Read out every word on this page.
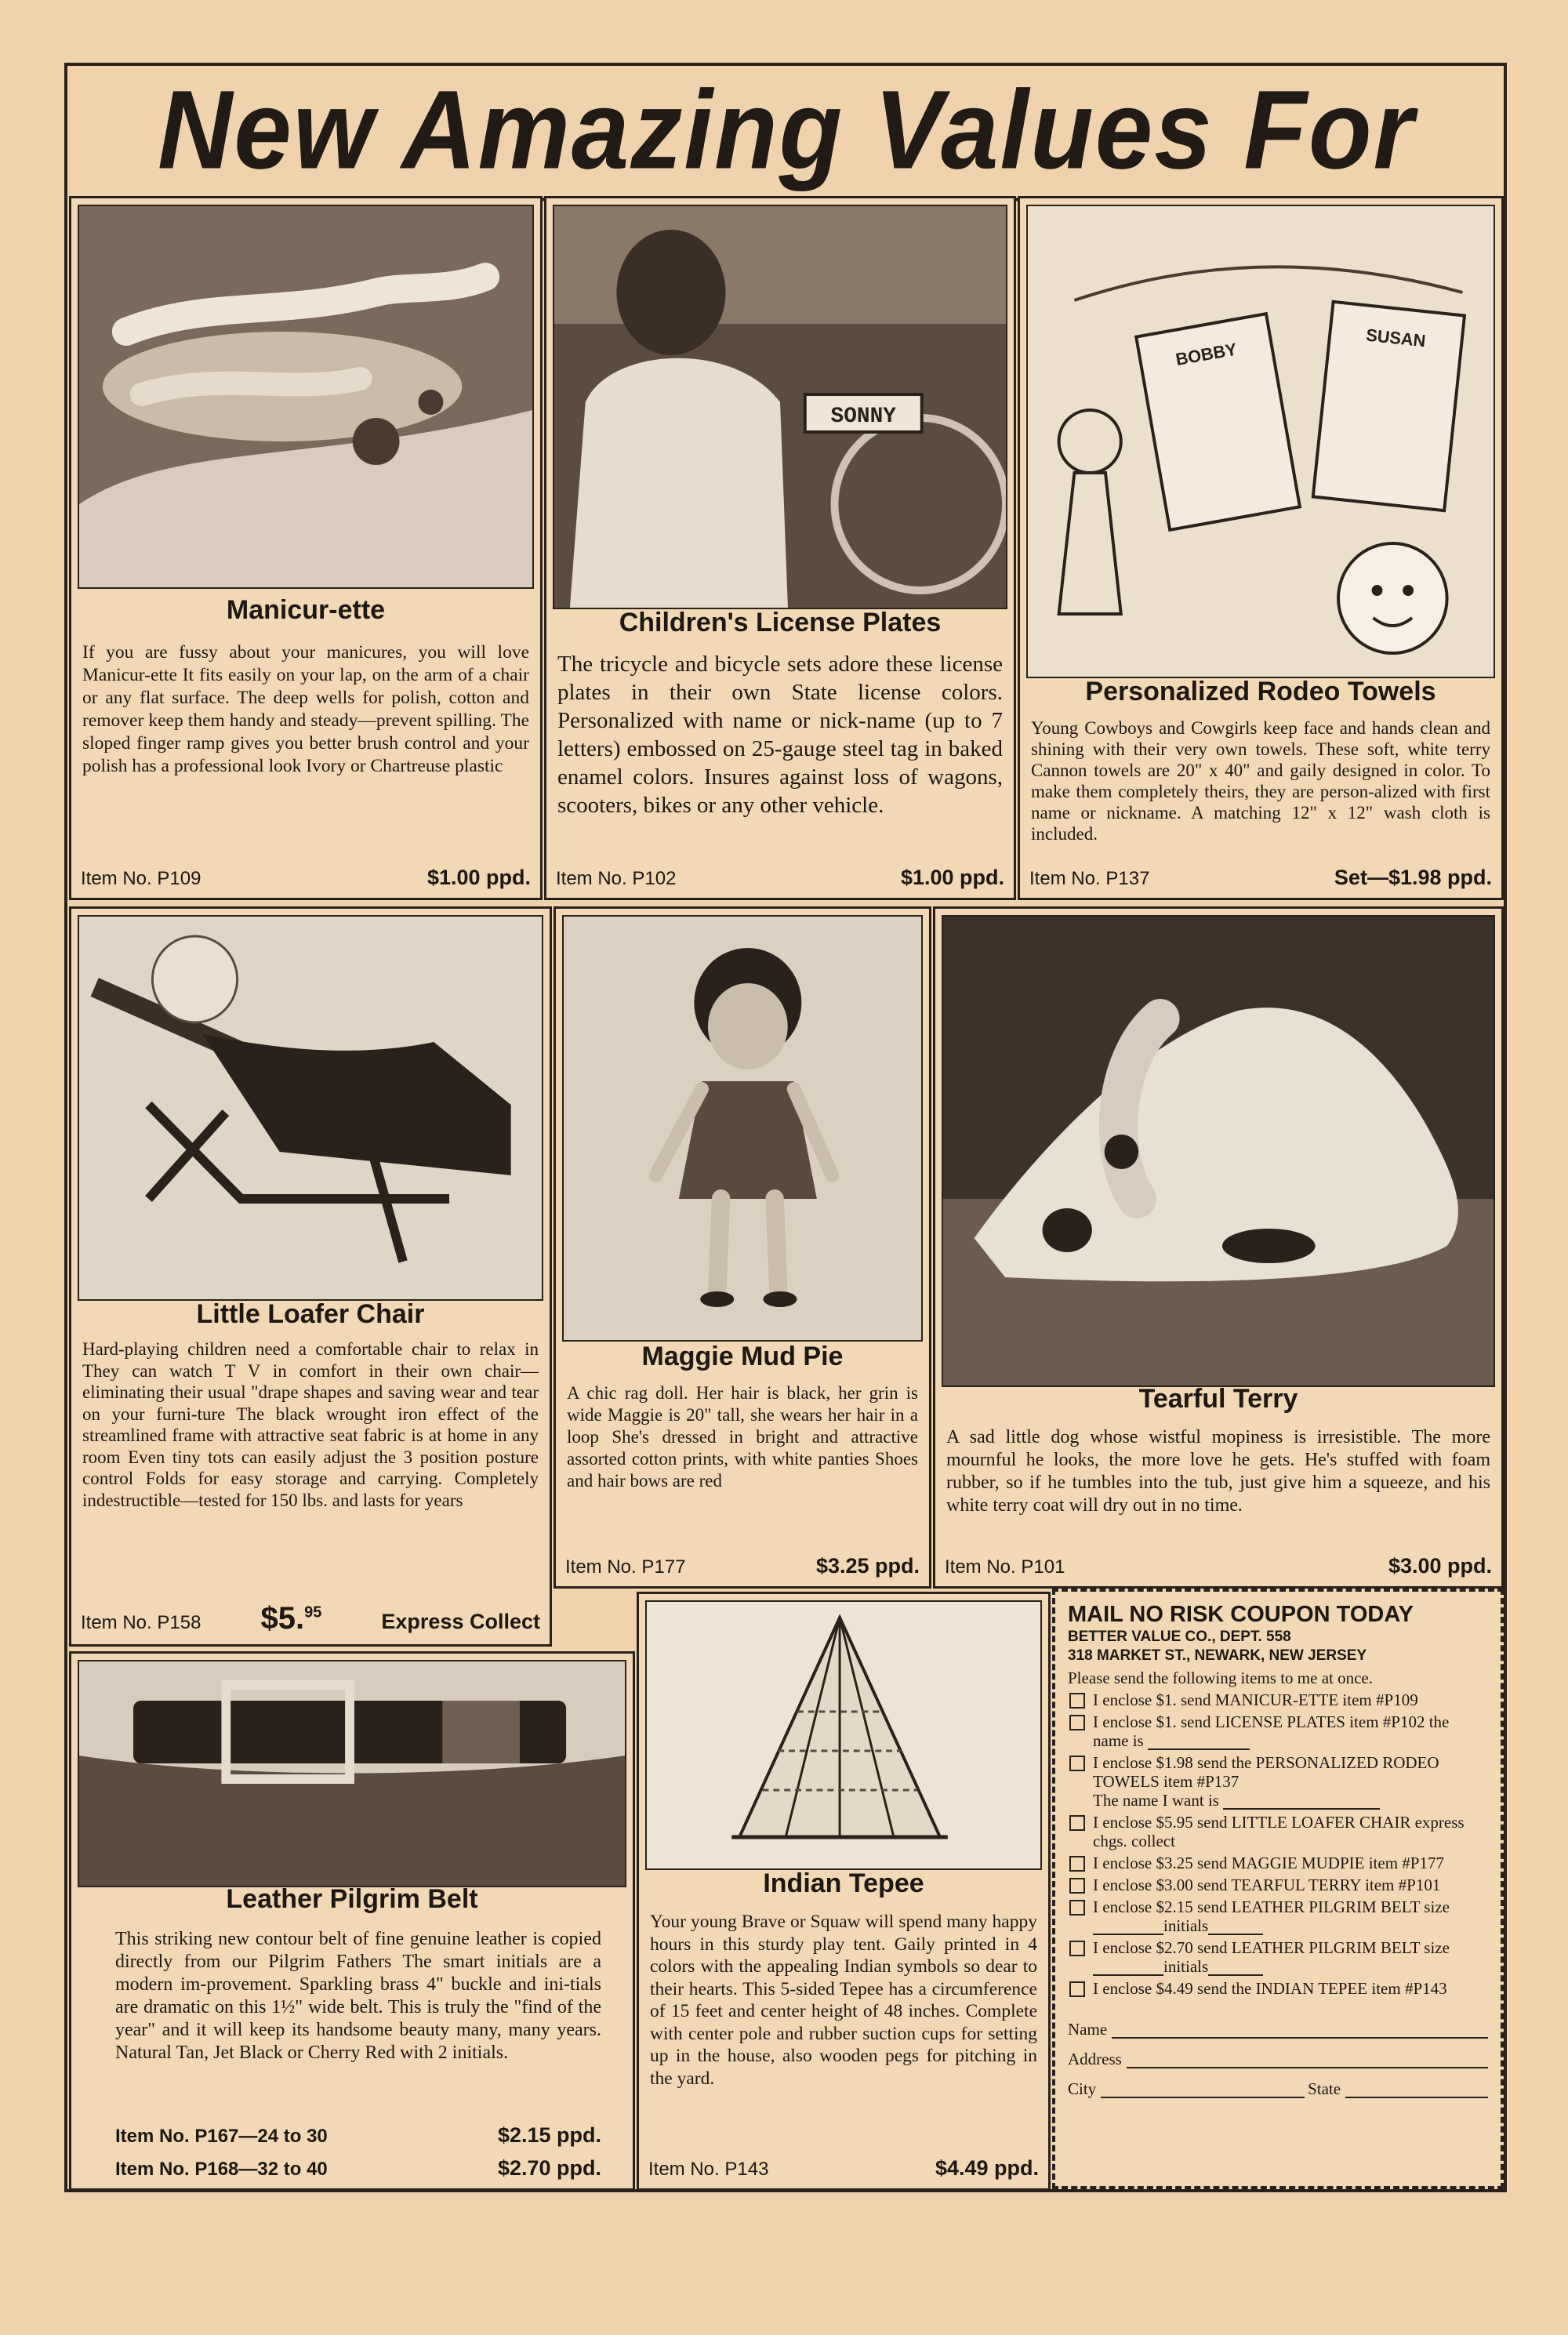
New Amazing Values For
Manicur-ette
If you are fussy about your manicures, you will love Manicur-ette It fits easily on your lap, on the arm of a chair or any flat surface. The deep wells for polish, cotton and remover keep them handy and steady—prevent spilling. The sloped finger ramp gives you better brush control and your polish has a professional look Ivory or Chartreuse plastic
Item No. P109	$1.00 ppd.
SONNY
Children's License Plates
The tricycle and bicycle sets adore these license plates in their own State license colors. Personalized with name or nick-name (up to 7 letters) embossed on 25-gauge steel tag in baked enamel colors. Insures against loss of wagons, scooters, bikes or any other vehicle.
Item No. P102	$1.00 ppd.
BOBBY
SUSAN
Personalized Rodeo Towels
Young Cowboys and Cowgirls keep face and hands clean and shining with their very own towels. These soft, white terry Cannon towels are 20" x 40" and gaily designed in color. To make them completely theirs, they are person-alized with first name or nickname. A matching 12" x 12" wash cloth is included.
Item No. P137	Set—$1.98 ppd.
Little Loafer Chair
Hard-playing children need a comfortable chair to relax in They can watch T V in comfort in their own chair—eliminating their usual "drape shapes and saving wear and tear on your furni-ture The black wrought iron effect of the streamlined frame with attractive seat fabric is at home in any room Even tiny tots can easily adjust the 3 position posture control Folds for easy storage and carrying. Completely indestructible—tested for 150 lbs. and lasts for years
Item No. P158 $5.95	Express Collect
Maggie Mud Pie
A chic rag doll. Her hair is black, her grin is wide Maggie is 20" tall, she wears her hair in a loop She's dressed in bright and attractive assorted cotton prints, with white panties Shoes and hair bows are red
Item No. P177	$3.25 ppd.
Tearful Terry
A sad little dog whose wistful mopiness is irresistible. The more mournful he looks, the more love he gets. He's stuffed with foam rubber, so if he tumbles into the tub, just give him a squeeze, and his white terry coat will dry out in no time.
Item No. P101	$3.00 ppd.
Leather Pilgrim Belt
This striking new contour belt of fine genuine leather is copied directly from our Pilgrim Fathers The smart initials are a modern im-provement. Sparkling brass 4" buckle and ini-tials are dramatic on this 1½" wide belt. This is truly the "find of the year" and it will keep its handsome beauty many, many years. Natural Tan, Jet Black or Cherry Red with 2 initials.
Item No. P167—24 to 30	$2.15 ppd.
Item No. P168—32 to 40	$2.70 ppd.
Indian Tepee
Your young Brave or Squaw will spend many happy hours in this sturdy play tent. Gaily printed in 4 colors with the appealing Indian symbols so dear to their hearts. This 5-sided Tepee has a circumference of 15 feet and center height of 48 inches. Complete with center pole and rubber suction cups for setting up in the house, also wooden pegs for pitching in the yard.
Item No. P143	$4.49 ppd.
MAIL NO RISK COUPON TODAY
BETTER VALUE CO., DEPT. 558
318 MARKET ST., NEWARK, NEW JERSEY
Please send the following items to me at once.
I enclose $1. send MANICUR-ETTE item #P109
I enclose $1. send LICENSE PLATES item #P102 the name is
I enclose $1.98 send the PERSONALIZED RODEO TOWELS item #P137
The name I want is
I enclose $5.95 send LITTLE LOAFER CHAIR express chgs. collect
I enclose $3.25 send MAGGIE MUDPIE item #P177
I enclose $3.00 send TEARFUL TERRY item #P101
I enclose $2.15 send LEATHER PILGRIM BELT size initials
I enclose $2.70 send LEATHER PILGRIM BELT size initials
I enclose $4.49 send the INDIAN TEPEE item #P143
Name
Address
City	State
